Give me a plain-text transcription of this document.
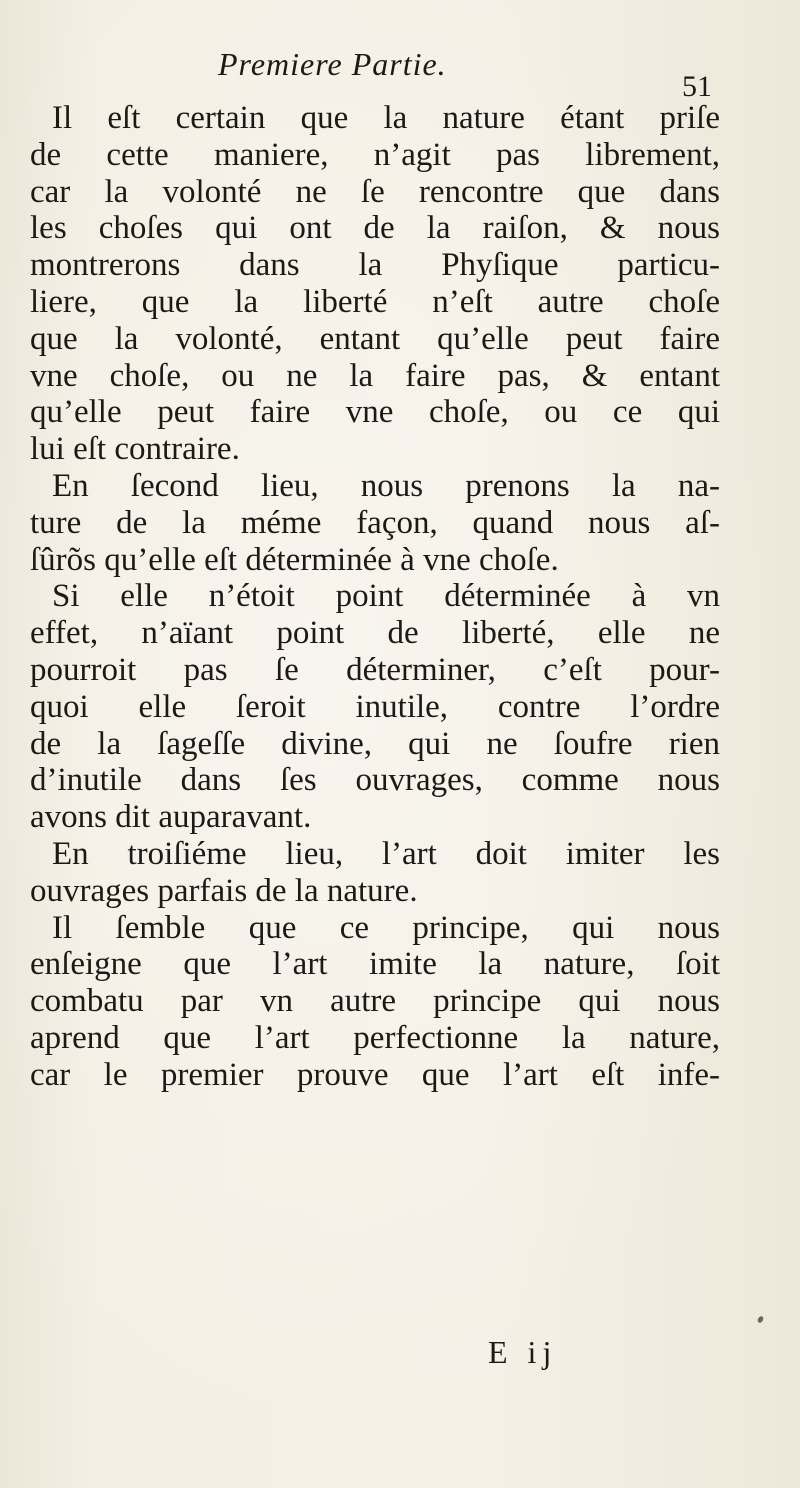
Premiere Partie.
51
Il eſt certain que la nature étant priſe
de cette maniere, n’agit pas librement,
car la volonté ne ſe rencontre que dans
les choſes qui ont de la raiſon, & nous
montrerons dans la Phyſique particu-
liere, que la liberté n’eſt autre choſe
que la volonté, entant qu’elle peut faire
vne choſe, ou ne la faire pas, & entant
qu’elle peut faire vne choſe, ou ce qui
lui eſt contraire.
En ſecond lieu, nous prenons la na-
ture de la méme façon, quand nous aſ-
ſûrõs qu’elle eſt déterminée à vne choſe.
Si elle n’étoit point déterminée à vn
effet, n’aïant point de liberté, elle ne
pourroit pas ſe déterminer, c’eſt pour-
quoi elle ſeroit inutile, contre l’ordre
de la ſageſſe divine, qui ne ſoufre rien
d’inutile dans ſes ouvrages, comme nous
avons dit auparavant.
En troiſiéme lieu, l’art doit imiter les
ouvrages parfais de la nature.
Il ſemble que ce principe, qui nous
enſeigne que l’art imite la nature, ſoit
combatu par vn autre principe qui nous
aprend que l’art perfectionne la nature,
car le premier prouve que l’art eſt infe-
E ij
